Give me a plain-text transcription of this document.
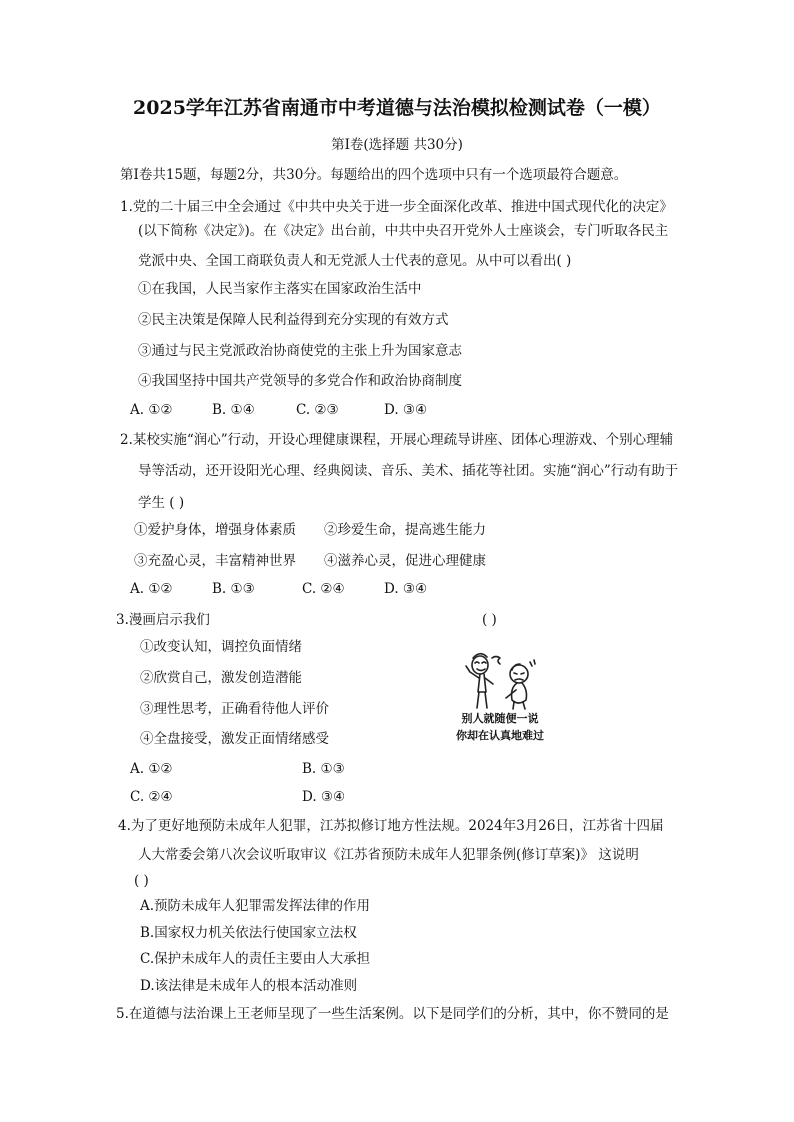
2025学年江苏省南通市中考道德与法治模拟检测试卷（一模）
第Ⅰ卷(选择题 共30分)
第Ⅰ卷共15题，每题2分，共30分。每题给出的四个选项中只有一个选项最符合题意。
1.党的二十届三中全会通过《中共中央关于进一步全面深化改革、推进中国式现代化的决定》
(以下简称《决定》)。在《决定》出台前，中共中央召开党外人士座谈会，专门听取各民主
党派中央、全国工商联负责人和无党派人士代表的意见。从中可以看出( )
①在我国，人民当家作主落实在国家政治生活中
②民主决策是保障人民利益得到充分实现的有效方式
③通过与民主党派政治协商使党的主张上升为国家意志
④我国坚持中国共产党领导的多党合作和政治协商制度
A. ①②	B. ①④	C. ②③	D. ③④
2.某校实施“润心”行动，开设心理健康课程，开展心理疏导讲座、团体心理游戏、个别心理辅
导等活动，还开设阳光心理、经典阅读、音乐、美术、插花等社团。实施“润心”行动有助于
学生 ( )
①爱护身体，增强身体素质 ②珍爱生命，提高逃生能力
③充盈心灵，丰富精神世界 ④滋养心灵，促进心理健康
A. ①②	B. ①③	C. ②④	D. ③④
3.漫画启示我们	( )
①改变认知，调控负面情绪
②欣赏自己，激发创造潜能
③理性思考，正确看待他人评价
④全盘接受，激发正面情绪感受
别人就随便一说
你却在认真地难过
A. ①②	B. ①③
C. ②④	D. ③④
4.为了更好地预防未成年人犯罪，江苏拟修订地方性法规。2024年3月26日，江苏省十四届
人大常委会第八次会议听取审议《江苏省预防未成年人犯罪条例(修订草案)》 这说明
( )
A.预防未成年人犯罪需发挥法律的作用
B.国家权力机关依法行使国家立法权
C.保护未成年人的责任主要由人大承担
D.该法律是未成年人的根本活动准则
5.在道德与法治课上王老师呈现了一些生活案例。以下是同学们的分析，其中，你不赞同的是
